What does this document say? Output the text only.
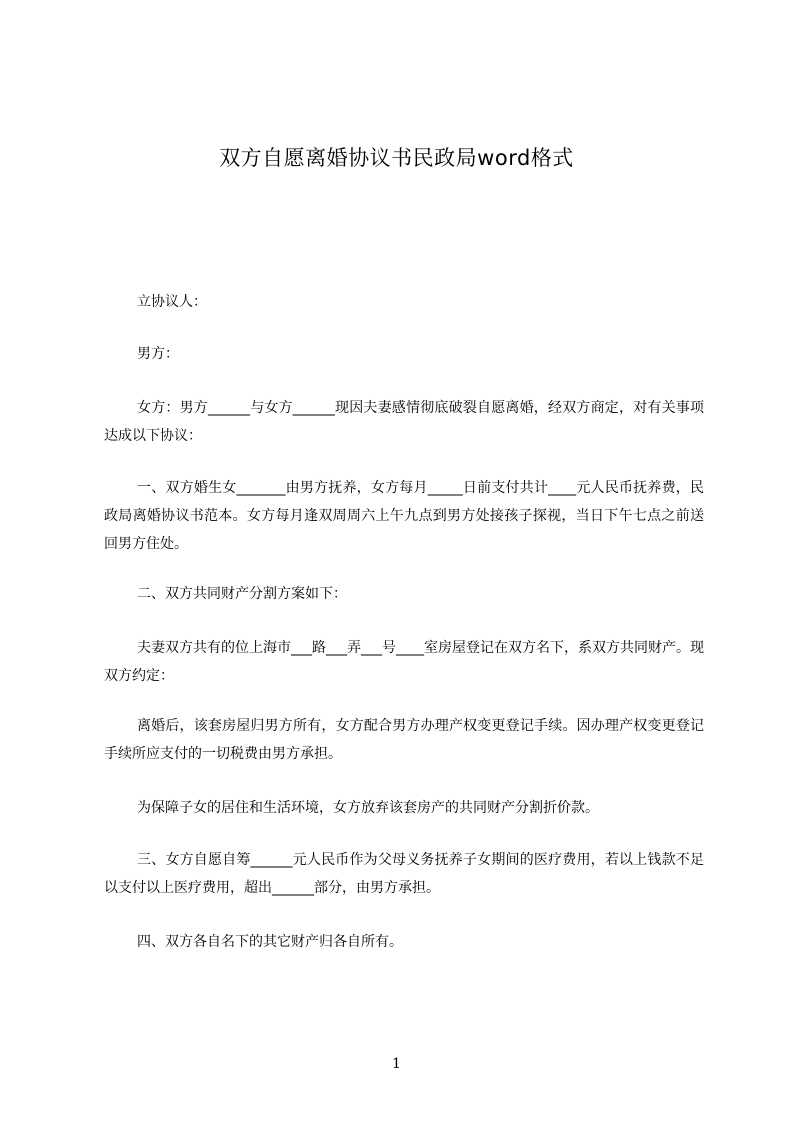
双方自愿离婚协议书民政局word格式

立协议人：

男方：

女方：男方______与女方______现因夫妻感情彻底破裂自愿离婚，经双方商定，对有关事项达成以下协议：

一、双方婚生女_______由男方抚养，女方每月_____日前支付共计____元人民币抚养费，民政局离婚协议书范本。女方每月逢双周周六上午九点到男方处接孩子探视，当日下午七点之前送回男方住处。

二、双方共同财产分割方案如下：

夫妻双方共有的位上海市___路___弄___号____室房屋登记在双方名下，系双方共同财产。现双方约定：

离婚后，该套房屋归男方所有，女方配合男方办理产权变更登记手续。因办理产权变更登记手续所应支付的一切税费由男方承担。

为保障子女的居住和生活环境，女方放弃该套房产的共同财产分割折价款。

三、女方自愿自筹______元人民币作为父母义务抚养子女期间的医疗费用，若以上钱款不足以支付以上医疗费用，超出______部分，由男方承担。

四、双方各自名下的其它财产归各自所有。

1
